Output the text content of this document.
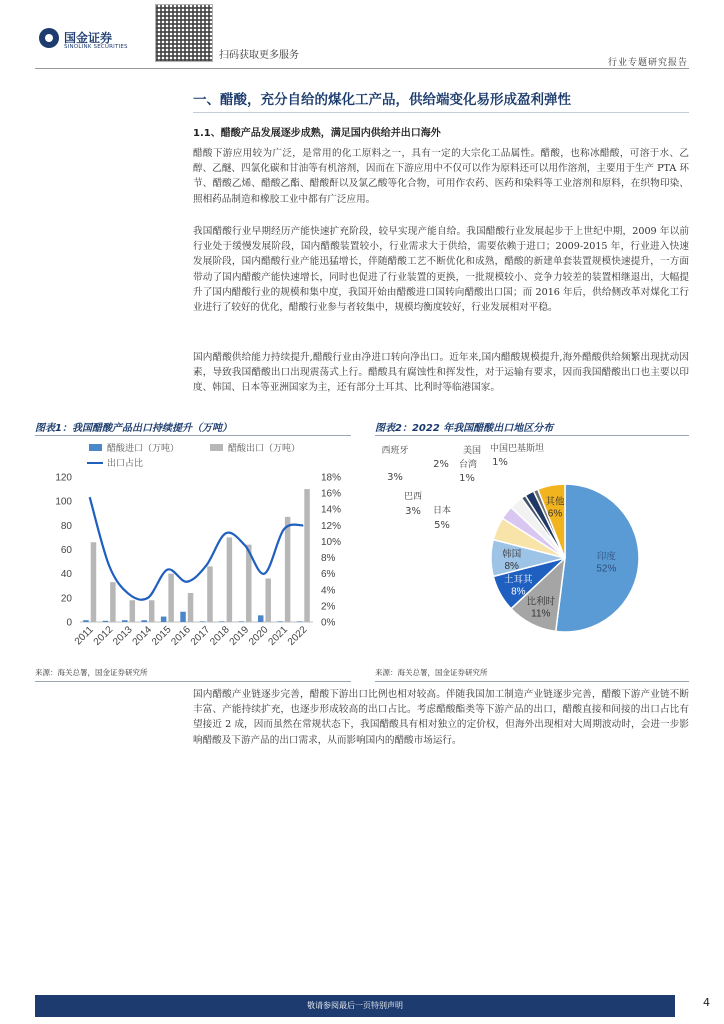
国金证券
SINOLINK SECURITIES
扫码获取更多服务
行业专题研究报告
一、醋酸，充分自给的煤化工产品，供给端变化易形成盈利弹性
1.1、醋酸产品发展逐步成熟，满足国内供给并出口海外

醋酸下游应用较为广泛，是常用的化工原料之一，具有一定的大宗化工品属性。醋酸，也称冰醋酸，可溶于水、乙醇、乙醚、四氯化碳和甘油等有机溶剂，因而在下游应用中不仅可以作为原料还可以用作溶剂，主要用于生产 PTA 环节、醋酸乙烯、醋酸乙酯、醋酸酐以及氯乙酸等化合物，可用作农药、医药和染料等工业溶剂和原料，在织物印染、照相药品制造和橡胶工业中都有广泛应用。

我国醋酸行业早期经历产能快速扩充阶段，较早实现产能自给。我国醋酸行业发展起步于上世纪中期，2009 年以前行业处于缓慢发展阶段，国内醋酸装置较小，行业需求大于供给，需要依赖于进口；2009-2015 年，行业进入快速发展阶段，国内醋酸行业产能迅猛增长，伴随醋酸工艺不断优化和成熟，醋酸的新建单套装置规模快速提升，一方面带动了国内醋酸产能快速增长，同时也促进了行业装置的更换，一批规模较小、竞争力较差的装置相继退出，大幅提升了国内醋酸行业的规模和集中度，我国开始由醋酸进口国转向醋酸出口国；而 2016 年后，供给侧改革对煤化工行业进行了较好的优化，醋酸行业参与者较集中，规模均衡度较好，行业发展相对平稳。

国内醋酸供给能力持续提升,醋酸行业由净进口转向净出口。近年来,国内醋酸规模提升,海外醋酸供给频繁出现扰动因素，导致我国醋酸出口出现震荡式上行。醋酸具有腐蚀性和挥发性，对于运输有要求，因而我国醋酸出口也主要以印度、韩国、日本等亚洲国家为主，还有部分土耳其、比利时等临港国家。

图表1：我国醋酸产品出口持续提升（万吨）	图表2：2022 年我国醋酸出口地区分布
0
20
40
60
80
100
120
0%
2%
4%
6%
8%
10%
12%
14%
16%
18%
2011
2012
2013
2014
2015
2016
2017
2018
2019
2020
2021
2022
醋酸进口（万吨）	醋酸出口（万吨）
出口占比
印度
52%
比利时
11%
土耳其
8%
韩国
8%
其他
6%
西班牙
3%
美国
2%
中国巴基斯坦
台湾
1%
1%
巴西
3% 日本
5%
来源：海关总署，国金证券研究所	来源：海关总署，国金证券研究所

国内醋酸产业链逐步完善，醋酸下游出口比例也相对较高。伴随我国加工制造产业链逐步完善，醋酸下游产业链不断丰富、产能持续扩充，也逐步形成较高的出口占比。考虑醋酸酯类等下游产品的出口，醋酸直接和间接的出口占比有望接近 2 成，因而虽然在常规状态下，我国醋酸具有相对独立的定价权，但海外出现相对大周期波动时，会进一步影响醋酸及下游产品的出口需求，从而影响国内的醋酸市场运行。

敬请参阅最后一页特别声明	4
